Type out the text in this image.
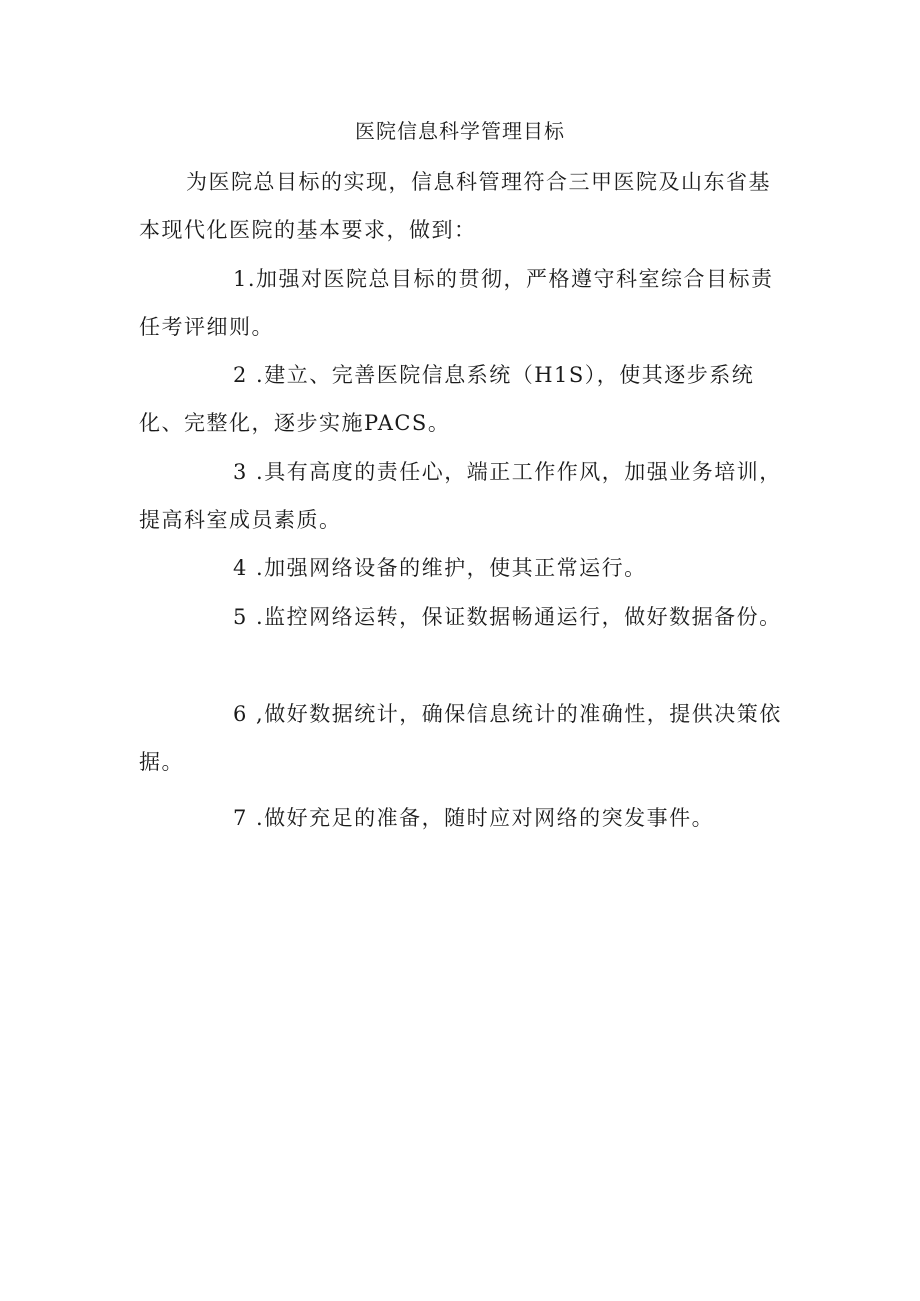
医院信息科学管理目标

为医院总目标的实现，信息科管理符合三甲医院及山东省基本现代化医院的基本要求，做到：

1.加强对医院总目标的贯彻，严格遵守科室综合目标责任考评细则。

2 .建立、完善医院信息系统（H1S），使其逐步系统化、完整化，逐步实施PACS。

3 .具有高度的责任心，端正工作作风，加强业务培训，提高科室成员素质。

4 .加强网络设备的维护，使其正常运行。

5 .监控网络运转，保证数据畅通运行，做好数据备份。

6 ,做好数据统计，确保信息统计的准确性，提供决策依据。

7 .做好充足的准备，随时应对网络的突发事件。
